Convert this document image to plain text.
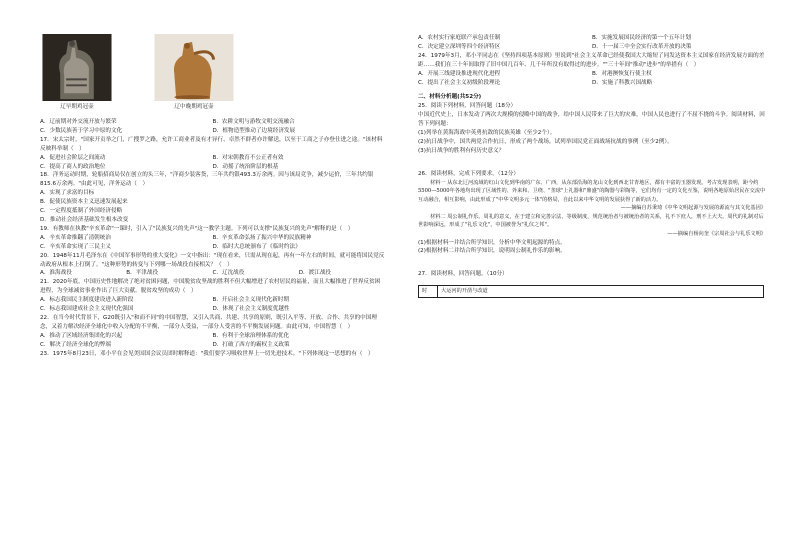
辽早期鸡冠壶	辽中晚期鸡冠壶
A．辽前期对外交流开放与繁荣	B．农耕文明与游牧文明交流融合
C．少数民族善于学习中原的文化	D．植物造型推动了边境经济发展

17．宋太宗时，"国家开贡举之门，广搜罗之路，允许工商业者及有才异行、卓然不群者亦许解送，以至于工商之子亦登仕进之途。"该材料反映科举制（　）

A．促进社会阶层之间流动	B．对宋朝教育不公正者有效
C．提高了商人的政治地位	D．动摇了统治阶层的根基

18．洋务运动时期，轮船招商局仅在创立的头三年，"洋商少装客货，三年共约银493.3万余两。因与该局竞争，减少运价，三年共约银815.6万余两。"由此可见，洋务运动（　）

A．实现了求富的目标
B．促使民族资本主义迅速发展起来
C．一定程度抵制了外国经济侵略
D．推动社会经济基础发生根本改变

19．有教师在执教"辛亥革命"一课时，引入了"民族复兴的先声"这一教学主题。下列可以支撑"民族复兴的先声"解释的是（　）

A．辛亥革命推翻了清朝统治	B．辛亥革命弘扬了振兴中华的民族精神
C．辛亥革命实现了三民主义	D．临时大总统颁布了《临时约法》

20．1948年11月毛泽东在《中国军事形势的重大变化》一文中指出："现在看来，只需从现在起，再有一年左右的时间，就可能将国民党反动政府从根本上打倒了。"这种形势的转变与下列哪一场战役直接相关？（　）

A．淮海战役	B．平津战役	C．辽沈战役	D．渡江战役

21．2020年底，中国历史性地解决了绝对贫困问题，中国脱贫攻坚战的胜利不但大幅增进了农村居民的福祉，而且大幅推进了世界反贫困进程，为全球减贫事业作出了巨大贡献。脱贫攻坚的成功（　）

A．标志我国民主制度建设进入新阶段	B．开启社会主义现代化新时期
C．标志我国建成社会主义现代化强国	D．体现了社会主义制度优越性

22．在当今时代背景下，G20既引入"和而不同"的中国智慧，又引入共商、共建、共享的原则，既引入平等、开放、合作、共享的中国理念，又着力解决经济全球化中收入分配的不平衡，一部分人受益，一部分人受害的不平衡发展问题。由此可知，中国智慧（　）

A．推动了区域经济集团化的兴起	B．有利于全球治理体系的优化
C．解决了经济全球化的弊端	D．打破了西方的霸权主义政策

23．1975年8月23日，邓小平在会见美国国会议员团时解释道："我们要学习吸收世界上一切先进技术。"下列体现这一思想的有（　）

A．农村实行家庭联产承包责任制	B．实施发展国民经济的第一个五年计划
C．决定建立深圳等四个经济特区	D．十一届三中全会实行改革开放的决策

24．1979年3月，邓小平同志在《坚持四项基本原则》里说到"社会主义革命已经使我国大大缩短了同发达资本主义国家在经济发展方面的差距……我们在三十年间取得了旧中国几百年、几千年所没有取得过的进步。""三十年间"推动"进步"的举措有（　）

A．开展三线建设推进现代化进程	B．对港澳恢复行使主权
C．提出了社会主义初级阶段理论	D．实施了科教兴国战略
二、材料分析题(共52分)

25．阅读下列材料，回答问题（18分）

中国近代史上，日本发动了两次大规模的侵略中国的战争，给中国人民带来了巨大的灾难，中国人民也进行了不屈不挠的斗争。阅读材料，回答下列问题：

(1)列举在黄海海战中英勇抗敌的民族英雄（至少2个）。
(2)抗日战争中，国共两党合作抗日，形成了两个战场，试列举国民党正面战场抗战的事例（至少2例）。
(3)抗日战争的胜利有何历史意义？

26．阅读材料，完成下列要求。（12分）

材料一 从东北辽河流域的红山文化到华南的广东、广西，从东部沿海的龙山文化到西北甘青地区，都有丰富的玉器发现。考古发现表明，距今约5500—5000年各地均出现了区域性的、外来和、卫绕、"垄球"上礼器和"鼎盛"的陶器与彩陶等，它们均有一定的文化互鉴，说明各地原始居民在交流中互动融合，相互影响，由此形成了"中华文明多元一体"的格局，自此以来中华文明的发展获得了新的活力。

——摘编自苏秉琦《中华文明起源与发展的源流与其文化基因》

材料二 周公制礼作乐。周礼的意义，在于建立和完善宗法、等级制度，规范统治者与被统治者的关系，礼不下庶人，刑不上大夫。周代的礼制对后世影响深远，形成了"礼乐文化"，中国被誉为"礼仪之邦"。

——摘编自杨向奎《宗周社会与礼乐文明》
(1)根据材料一并结合所学知识，分析中华文明起源的特点。
(2)根据材料二并结合所学知识，说明周公制礼作乐的影响。

27．阅读材料，回答问题。（10分）

时	大运河的开凿与改道
